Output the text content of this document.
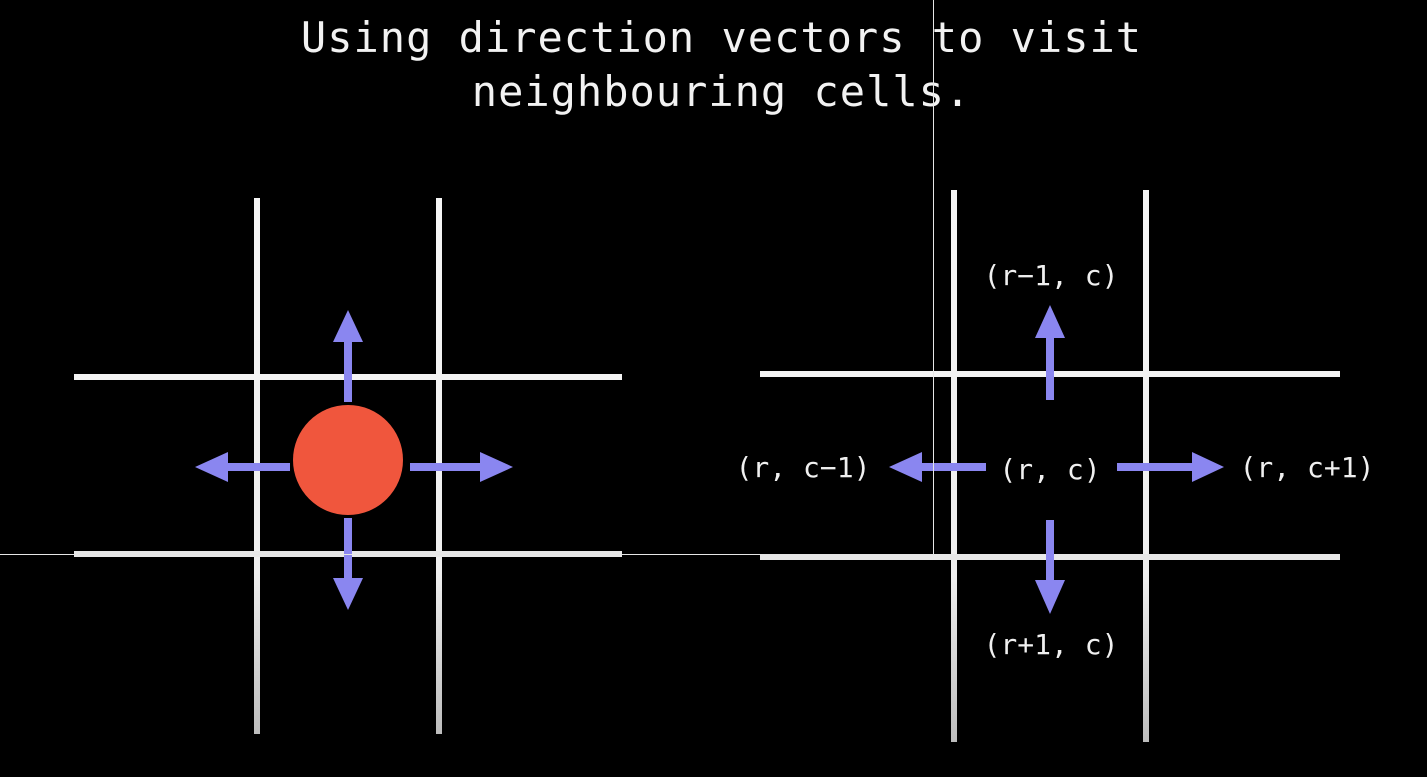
Using direction vectors to visit
neighbouring cells.
(r−1, c)
(r+1, c)
(r, c−1)	(r, c)	(r, c+1)
